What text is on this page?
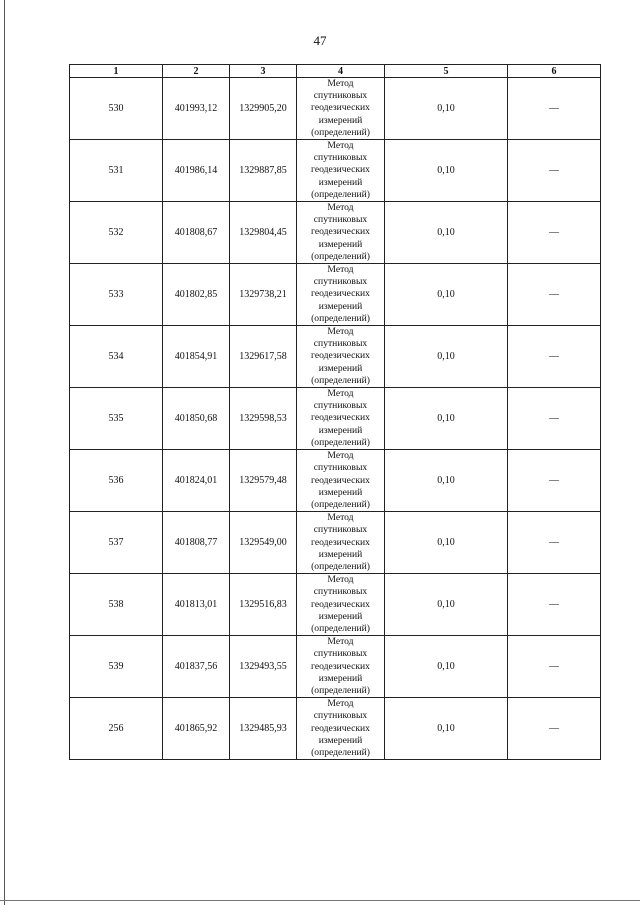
47
1	2	3	4	5	6
530	401993,12	1329905,20	Метод
спутниковых
геодезических
измерений
(определений)	0,10	—
531	401986,14	1329887,85	Метод
спутниковых
геодезических
измерений
(определений)	0,10	—
532	401808,67	1329804,45	Метод
спутниковых
геодезических
измерений
(определений)	0,10	—
533	401802,85	1329738,21	Метод
спутниковых
геодезических
измерений
(определений)	0,10	—
534	401854,91	1329617,58	Метод
спутниковых
геодезических
измерений
(определений)	0,10	—
535	401850,68	1329598,53	Метод
спутниковых
геодезических
измерений
(определений)	0,10	—
536	401824,01	1329579,48	Метод
спутниковых
геодезических
измерений
(определений)	0,10	—
537	401808,77	1329549,00	Метод
спутниковых
геодезических
измерений
(определений)	0,10	—
538	401813,01	1329516,83	Метод
спутниковых
геодезических
измерений
(определений)	0,10	—
539	401837,56	1329493,55	Метод
спутниковых
геодезических
измерений
(определений)	0,10	—
256	401865,92	1329485,93	Метод
спутниковых
геодезических
измерений
(определений)	0,10	—
